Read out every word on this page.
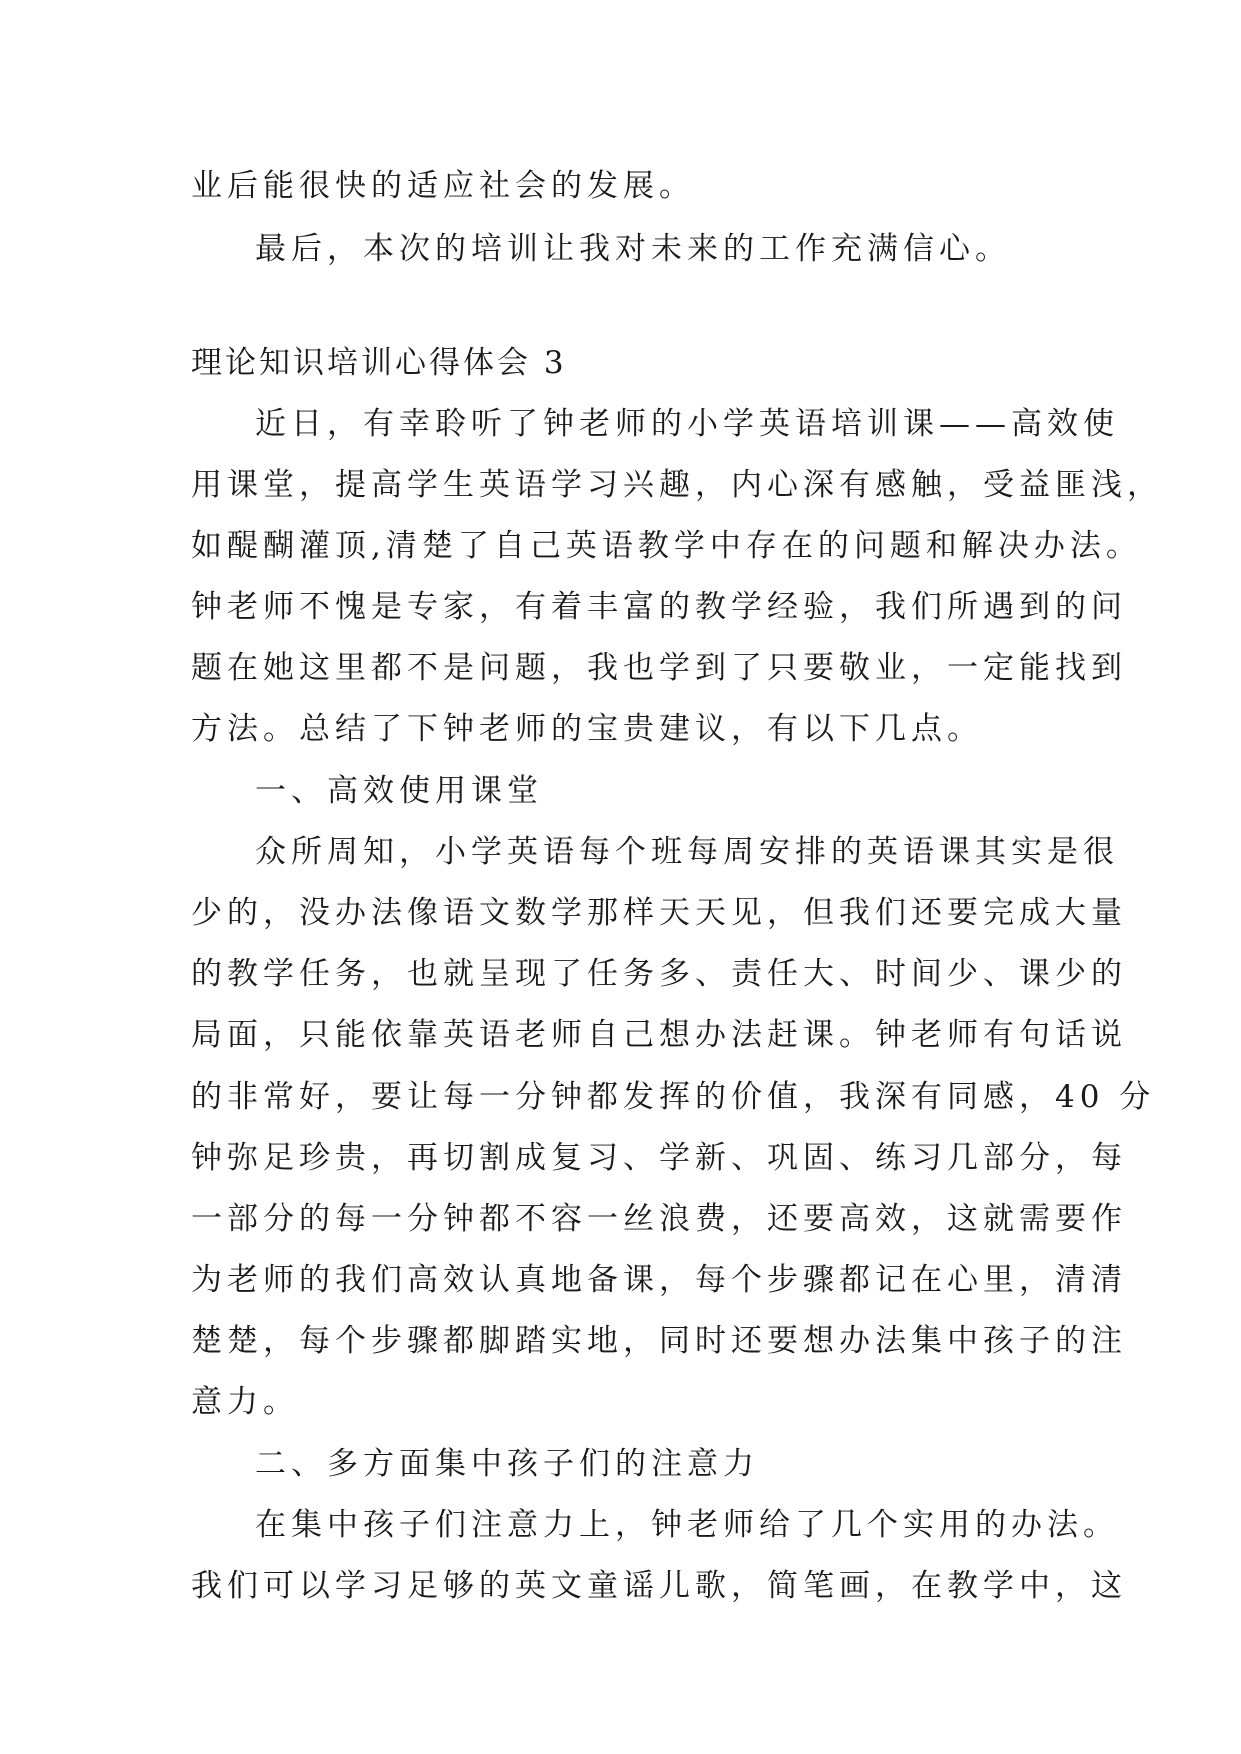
业后能很快的适应社会的发展。
最后，本次的培训让我对未来的工作充满信心。
理论知识培训心得体会 3
近日，有幸聆听了钟老师的小学英语培训课——高效使
用课堂，提高学生英语学习兴趣，内心深有感触，受益匪浅，
如醍醐灌顶,清楚了自己英语教学中存在的问题和解决办法。
钟老师不愧是专家，有着丰富的教学经验，我们所遇到的问
题在她这里都不是问题，我也学到了只要敬业，一定能找到
方法。总结了下钟老师的宝贵建议，有以下几点。
一、高效使用课堂
众所周知，小学英语每个班每周安排的英语课其实是很
少的，没办法像语文数学那样天天见，但我们还要完成大量
的教学任务，也就呈现了任务多、责任大、时间少、课少的
局面，只能依靠英语老师自己想办法赶课。钟老师有句话说
的非常好，要让每一分钟都发挥的价值，我深有同感，40 分
钟弥足珍贵，再切割成复习、学新、巩固、练习几部分，每
一部分的每一分钟都不容一丝浪费，还要高效，这就需要作
为老师的我们高效认真地备课，每个步骤都记在心里，清清
楚楚，每个步骤都脚踏实地，同时还要想办法集中孩子的注
意力。
二、多方面集中孩子们的注意力
在集中孩子们注意力上，钟老师给了几个实用的办法。
我们可以学习足够的英文童谣儿歌，简笔画，在教学中，这
